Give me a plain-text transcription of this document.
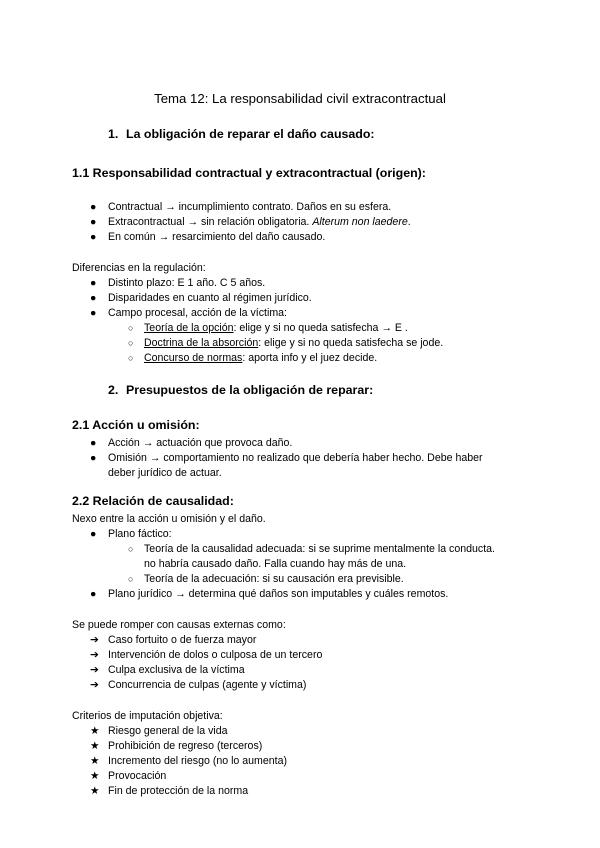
Tema 12: La responsabilidad civil extracontractual
1. La obligación de reparar el daño causado:
1.1 Responsabilidad contractual y extracontractual (origen):
● Contractual → incumplimiento contrato. Daños en su esfera.
● Extracontractual → sin relación obligatoria. Alterum non laedere.
● En común → resarcimiento del daño causado.
Diferencias en la regulación:
● Distinto plazo: E 1 año. C 5 años.
● Disparidades en cuanto al régimen jurídico.
● Campo procesal, acción de la víctima:
○ Teoría de la opción: elige y si no queda satisfecha → E .
○ Doctrina de la absorción: elige y si no queda satisfecha se jode.
○ Concurso de normas: aporta info y el juez decide.
2. Presupuestos de la obligación de reparar:
2.1 Acción u omisión:
● Acción → actuación que provoca daño.
● Omisión → comportamiento no realizado que debería haber hecho. Debe haber
deber jurídico de actuar.
2.2 Relación de causalidad:
Nexo entre la acción u omisión y el daño.
● Plano fáctico:
○ Teoría de la causalidad adecuada: si se suprime mentalmente la conducta.
no habría causado daño. Falla cuando hay más de una.
○ Teoría de la adecuación: si su causación era previsible.
● Plano jurídico → determina qué daños son imputables y cuáles remotos.
Se puede romper con causas externas como:
➔ Caso fortuito o de fuerza mayor
➔ Intervención de dolos o culposa de un tercero
➔ Culpa exclusiva de la víctima
➔ Concurrencia de culpas (agente y víctima)
Criterios de imputación objetiva:
★ Riesgo general de la vida
★ Prohibición de regreso (terceros)
★ Incremento del riesgo (no lo aumenta)
★ Provocación
★ Fin de protección de la norma
